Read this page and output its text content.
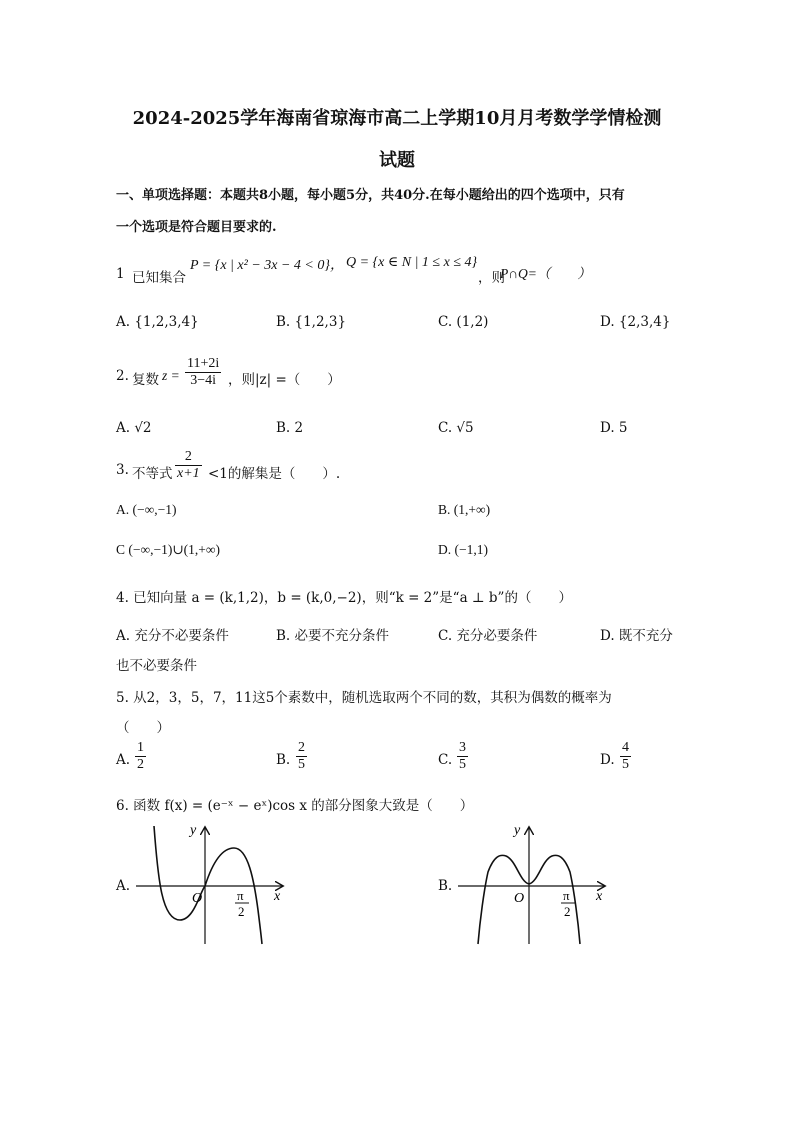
2024-2025学年海南省琼海市高二上学期10月月考数学学情检测
试题
一、单项选择题：本题共8小题，每小题5分，共40分.在每小题给出的四个选项中，只有
一个选项是符合题目要求的.
1 已知集合
P = {x | x² − 3x − 4 < 0}， Q = {x ∈ N | 1 ≤ x ≤ 4}
，则
P∩Q=（　　）
A. {1,2,3,4}	B. {1,2,3}	C. (1,2)	D. {2,3,4}
2. 复数 $z = \frac{11+2i}{3-4i}$ ，则|z| =（　　）
A. √2	B. 2	C. √5	D. 5
3. 不等式 $\frac{2}{x+1} <1$的解集是（　　）.
A. (−∞,−1)	B. (1,+∞)
C (−∞,−1)∪(1,+∞)	D. (−1,1)
4. 已知向量 a = (k,1,2)，b = (k,0,−2)，则“k = 2”是“a ⊥ b”的（　　）
A. 充分不必要条件	B. 必要不充分条件	C. 充分必要条件	D. 既不充分
也不必要条件
5. 从2，3，5，7，11这5个素数中，随机选取两个不同的数，其积为偶数的概率为
（　　）
A. $\frac{1}{2}$	B. $\frac{2}{5}$	C. $\frac{3}{5}$	D. $\frac{4}{5}$
6. 函数 f(x) = (e⁻ˣ − eˣ)cos x 的部分图象大致是（　　）
A.
y
x
O	π
2
B.
y
x
O	π
2
